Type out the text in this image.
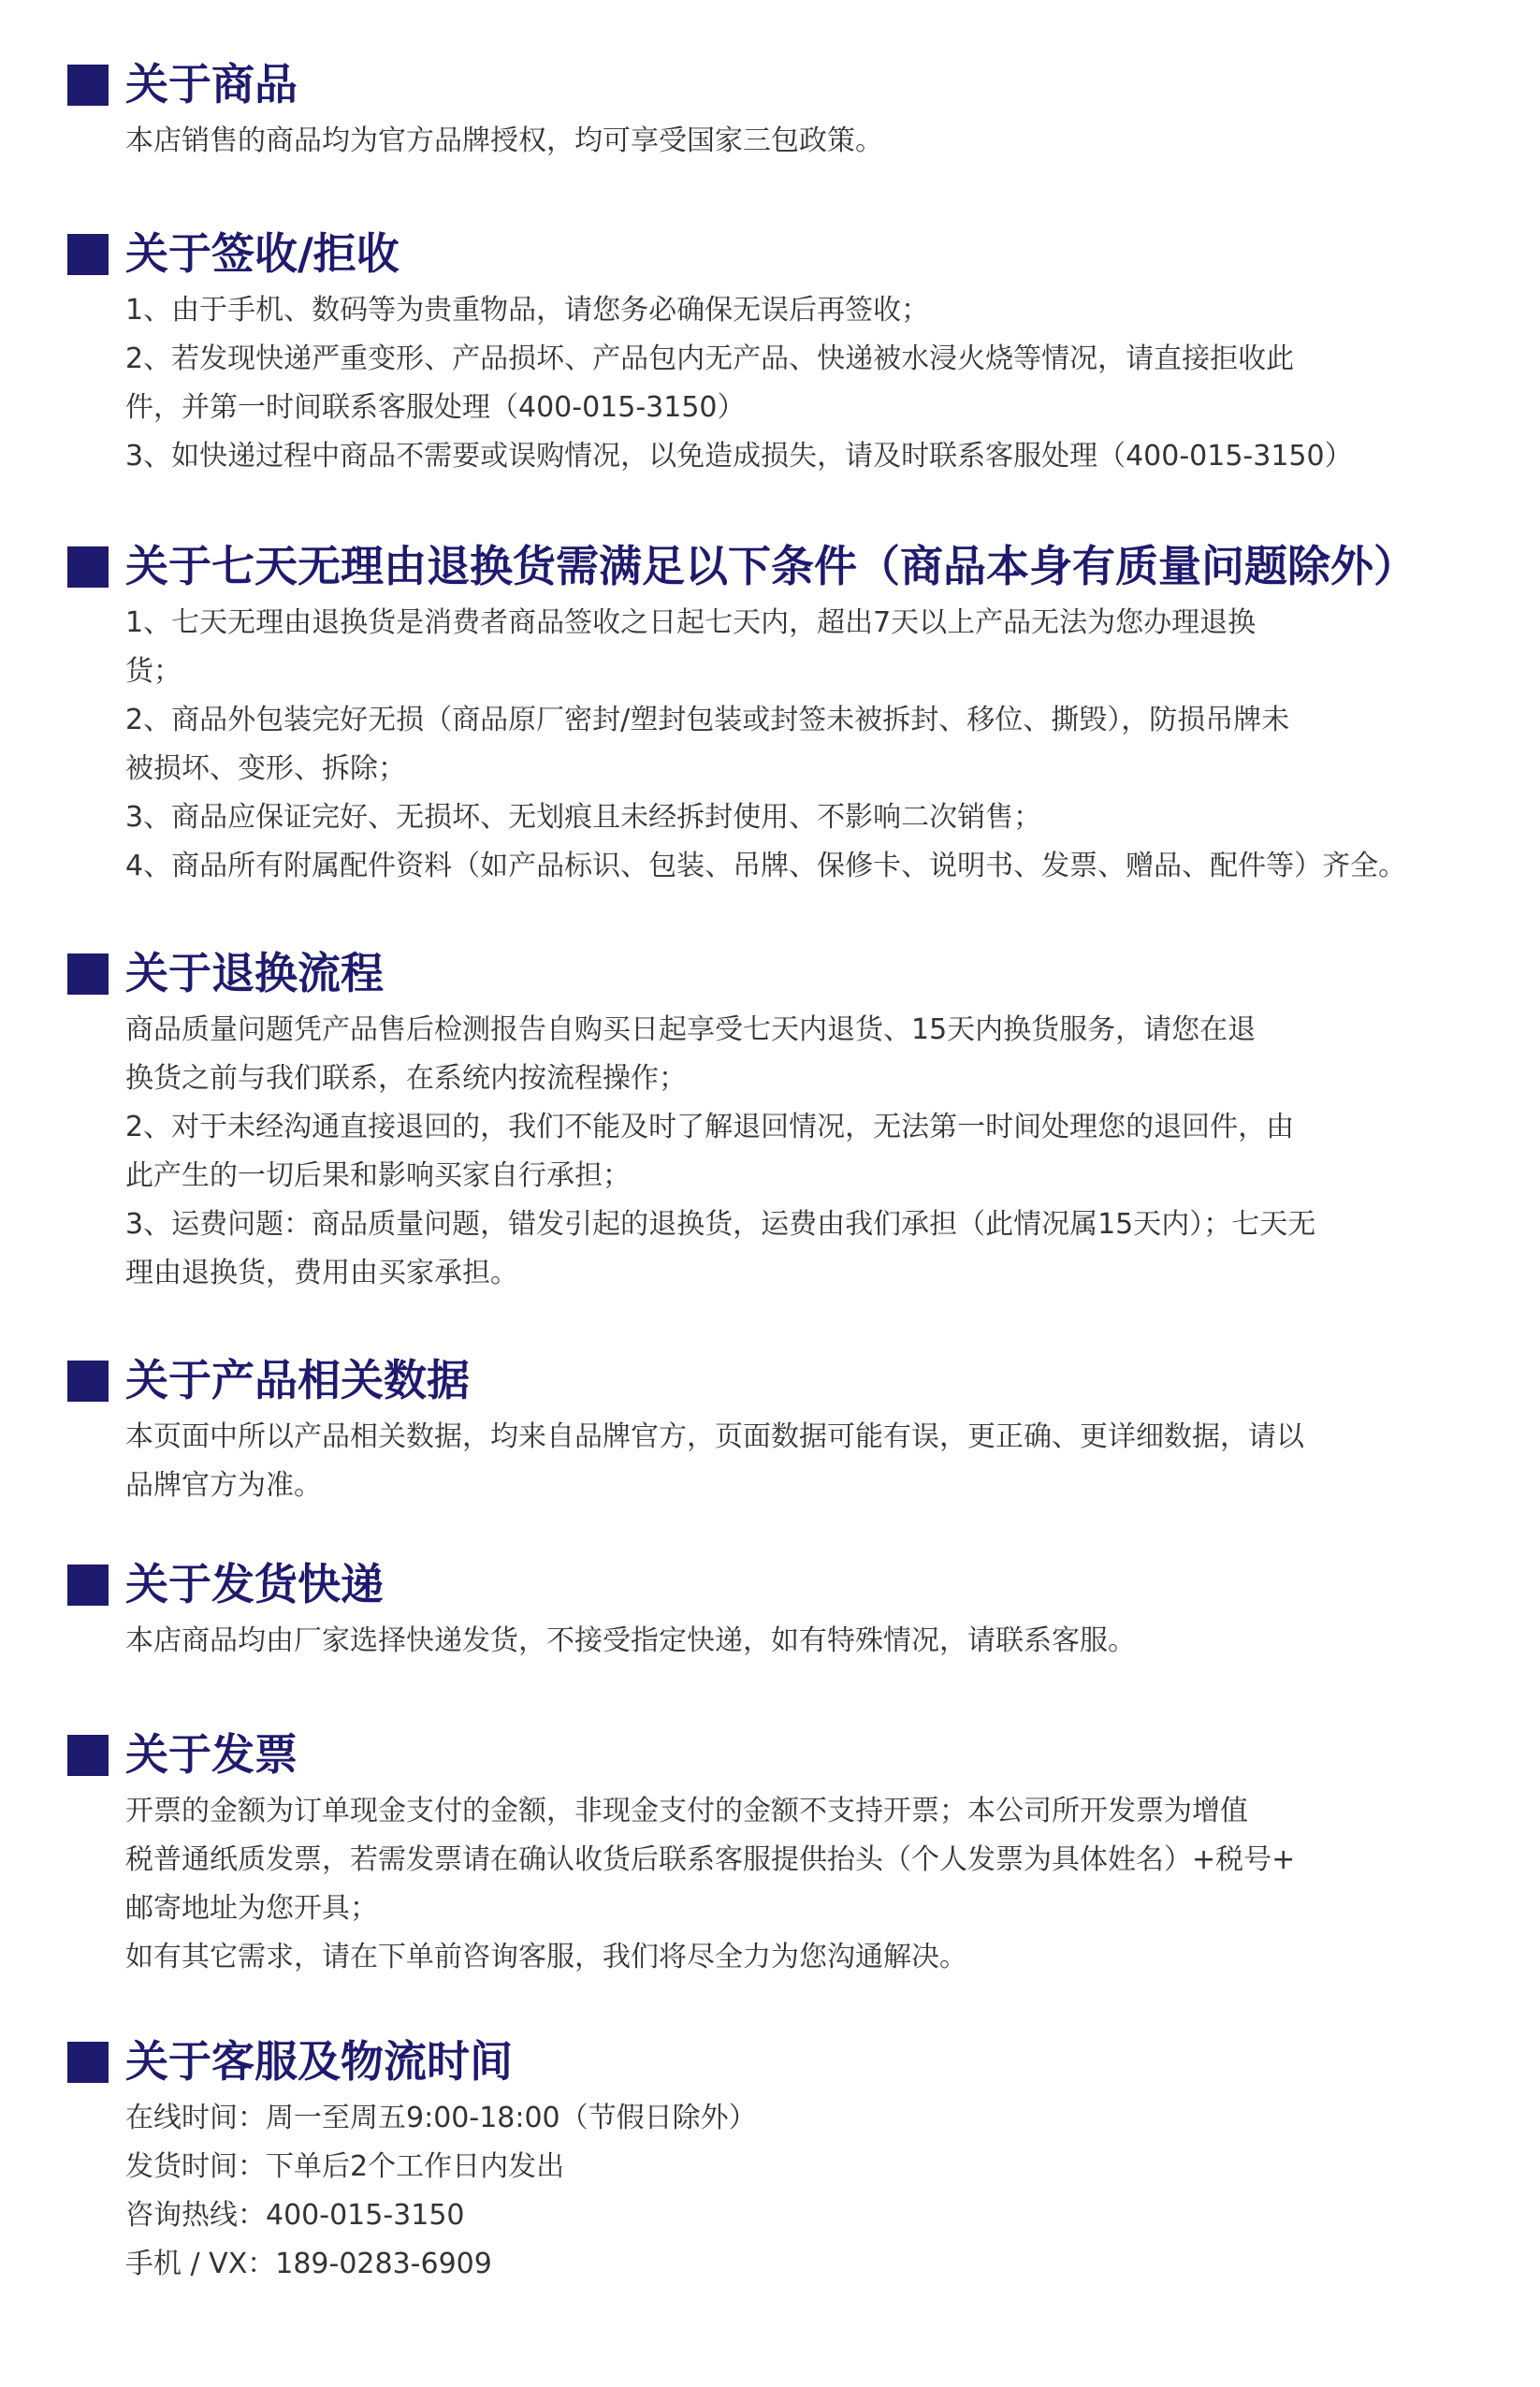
关于商品
本店销售的商品均为官方品牌授权，均可享受国家三包政策。
关于签收/拒收
1、由于手机、数码等为贵重物品，请您务必确保无误后再签收；
2、若发现快递严重变形、产品损坏、产品包内无产品、快递被水浸火烧等情况，请直接拒收此
件，并第一时间联系客服处理（400-015-3150）
3、如快递过程中商品不需要或误购情况，以免造成损失，请及时联系客服处理（400-015-3150）
关于七天无理由退换货需满足以下条件（商品本身有质量问题除外）
1、七天无理由退换货是消费者商品签收之日起七天内，超出7天以上产品无法为您办理退换
货；
2、商品外包装完好无损（商品原厂密封/塑封包装或封签未被拆封、移位、撕毁），防损吊牌未
被损坏、变形、拆除；
3、商品应保证完好、无损坏、无划痕且未经拆封使用、不影响二次销售；
4、商品所有附属配件资料（如产品标识、包装、吊牌、保修卡、说明书、发票、赠品、配件等）齐全。
关于退换流程
商品质量问题凭产品售后检测报告自购买日起享受七天内退货、15天内换货服务，请您在退
换货之前与我们联系，在系统内按流程操作；
2、对于未经沟通直接退回的，我们不能及时了解退回情况，无法第一时间处理您的退回件，由
此产生的一切后果和影响买家自行承担；
3、运费问题：商品质量问题，错发引起的退换货，运费由我们承担（此情况属15天内）；七天无
理由退换货，费用由买家承担。
关于产品相关数据
本页面中所以产品相关数据，均来自品牌官方，页面数据可能有误，更正确、更详细数据，请以
品牌官方为准。
关于发货快递
本店商品均由厂家选择快递发货，不接受指定快递，如有特殊情况，请联系客服。
关于发票
开票的金额为订单现金支付的金额，非现金支付的金额不支持开票；本公司所开发票为增值
税普通纸质发票，若需发票请在确认收货后联系客服提供抬头（个人发票为具体姓名）+税号+
邮寄地址为您开具；
如有其它需求，请在下单前咨询客服，我们将尽全力为您沟通解决。
关于客服及物流时间
在线时间：周一至周五9:00-18:00（节假日除外）
发货时间：下单后2个工作日内发出
咨询热线：400-015-3150
手机 / VX：189-0283-6909
